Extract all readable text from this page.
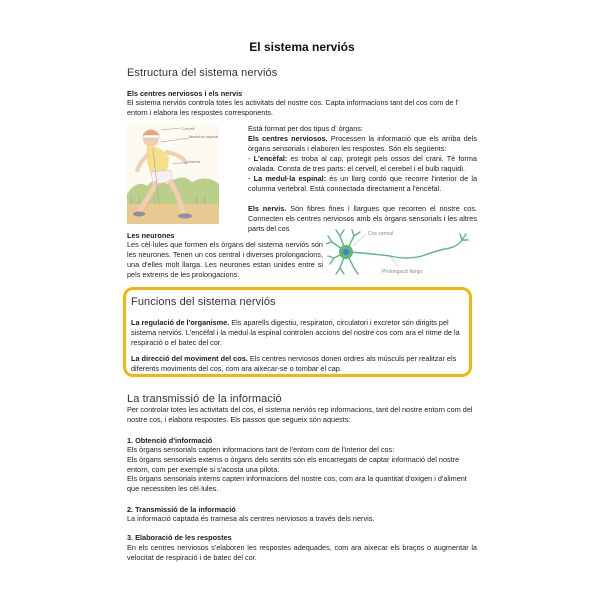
El sistema nerviós
Estructura del sistema nerviós
Els centres nerviosos i els nervis
El sistema nerviós controla totes les activitats del nostre cos. Capta informacions tant del cos com de l' entorn i elabora les respostes corresponents.
Cervell
Medul·la espinal
Nervis
Està format per dos tipus d' òrgans:
Els centres nerviosos. Processen la informació que els arriba dels òrgans sensorials i elaboren les respostes. Són els següents:
- L'encèfal: es troba al cap, protegit pels ossos del crani. Té forma ovalada. Consta de tres parts: el cervell, el cerebel i el bulb raquidi.
- La medul·la espinal: és un llarg cordó que recorre l'interior de la columna vertebral. Està connectada directament a l'encèfal.
Els nervis. Són fibres fines i llargues que recorren el nostre cos. Connecten els centres nerviosos amb els òrgans sensorials i les altres parts del cos
Les neurones
Les cèl·lules que formen els òrgans del sistema nerviós són les neurones. Tenen un cos central i diverses prolongacions, una d'elles molt llarga. Les neurones estan unides entre si pels extrems de les prolongacions.
Cos central
Prolongació llarga
Funcions del sistema nerviós
La regulació de l'organisme. Els aparells digestiu, respiratori, circulatori i excretor són dirigits pel sistema nerviós. L'encèfal i la medul·la espinal controlen accions del nostre cos com ara el ritme de la respiració o el batec del cor.
La direcció del moviment del cos. Els centres nerviosos donen ordres als músculs per realitzar els diferents moviments del cos, com ara aixecar-se o tombar el cap.
La transmissió de la informació
Per controlar totes les activitats del cos, el sistema nerviós rep informacions, tant del nostre entorn com del nostre cos, i elabora respostes. Els passos que segueix són aquests:
1. Obtenció d'informació
Els òrgans sensorials capten informacions tant de l'entorn com de l'interior del cos:
Els òrgans sensorials externs o òrgans dels sentits són els encarregats de captar informació del nostre entorn, com per exemple si s'acosta una pilota.
Els òrgans sensorials interns capten informacions del nostre cos, com ara la quantitat d'oxigen i d'aliment que necessiten les cèl·lules.
2. Transmissió de la informació
La informació captada és tramesa als centres nerviosos a través dels nervis.
3. Elaboració de les respostes
En els centres nerviosos s'elaboren les respostes adequades, com ara aixecar els braços o augmentar la velocitat de respiració i de batec del cor.
